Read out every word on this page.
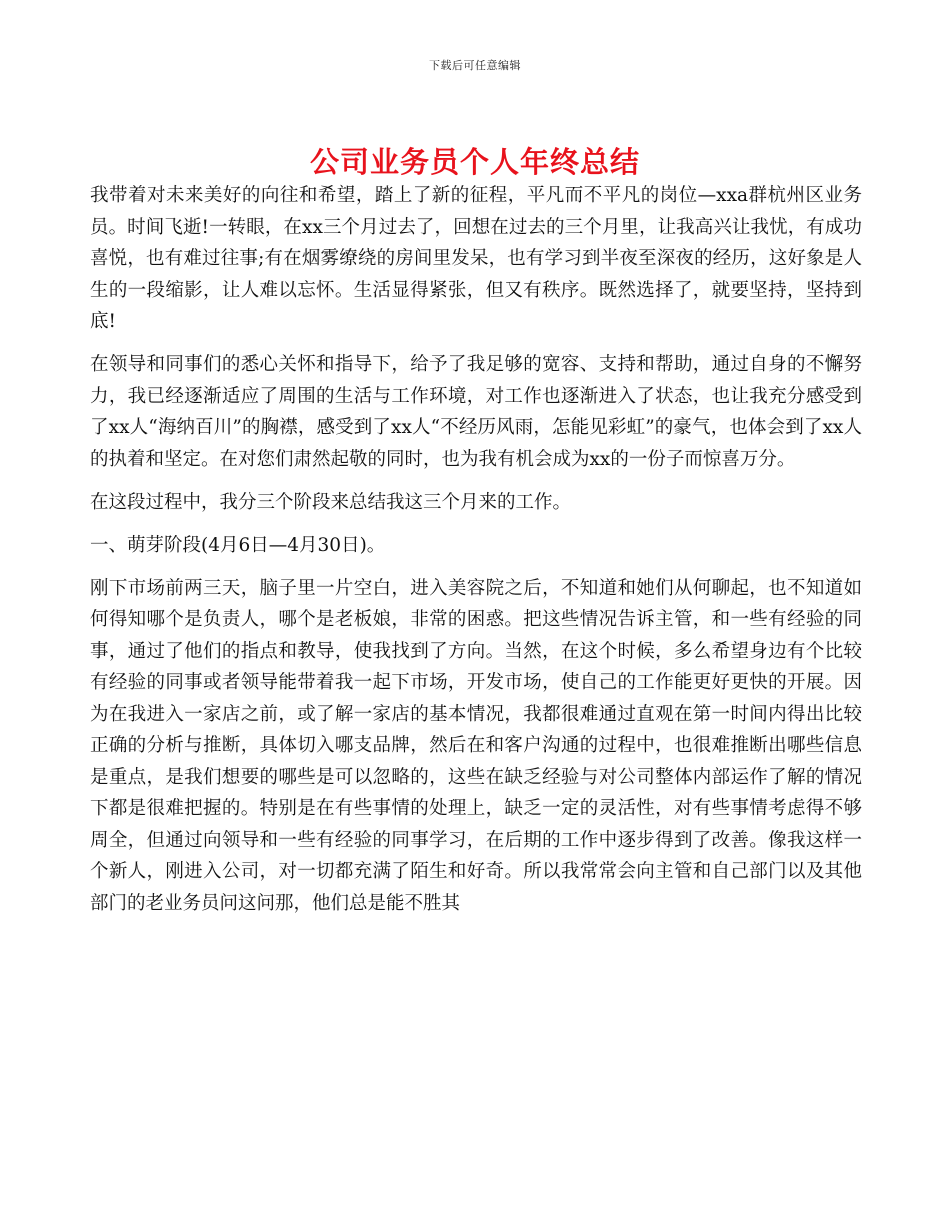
下载后可任意编辑
公司业务员个人年终总结

我带着对未来美好的向往和希望，踏上了新的征程，平凡而不平凡的岗位—xxa群杭州区业务员。时间飞逝!一转眼，在xx三个月过去了，回想在过去的三个月里，让我高兴让我忧，有成功喜悦，也有难过往事;有在烟雾缭绕的房间里发呆，也有学习到半夜至深夜的经历，这好象是人生的一段缩影，让人难以忘怀。生活显得紧张，但又有秩序。既然选择了，就要坚持，坚持到底!

在领导和同事们的悉心关怀和指导下，给予了我足够的宽容、支持和帮助，通过自身的不懈努力，我已经逐渐适应了周围的生活与工作环境，对工作也逐渐进入了状态，也让我充分感受到了xx人“海纳百川”的胸襟，感受到了xx人“不经历风雨，怎能见彩虹”的豪气，也体会到了xx人的执着和坚定。在对您们肃然起敬的同时，也为我有机会成为xx的一份子而惊喜万分。

在这段过程中，我分三个阶段来总结我这三个月来的工作。

一、萌芽阶段(4月6日—4月30日)。

刚下市场前两三天，脑子里一片空白，进入美容院之后，不知道和她们从何聊起，也不知道如何得知哪个是负责人，哪个是老板娘，非常的困惑。把这些情况告诉主管，和一些有经验的同事，通过了他们的指点和教导，使我找到了方向。当然，在这个时候，多么希望身边有个比较有经验的同事或者领导能带着我一起下市场，开发市场，使自己的工作能更好更快的开展。因为在我进入一家店之前，或了解一家店的基本情况，我都很难通过直观在第一时间内得出比较正确的分析与推断，具体切入哪支品牌，然后在和客户沟通的过程中，也很难推断出哪些信息是重点，是我们想要的哪些是可以忽略的，这些在缺乏经验与对公司整体内部运作了解的情况下都是很难把握的。特别是在有些事情的处理上，缺乏一定的灵活性，对有些事情考虑得不够周全，但通过向领导和一些有经验的同事学习，在后期的工作中逐步得到了改善。像我这样一个新人，刚进入公司，对一切都充满了陌生和好奇。所以我常常会向主管和自己部门以及其他部门的老业务员问这问那，他们总是能不胜其
